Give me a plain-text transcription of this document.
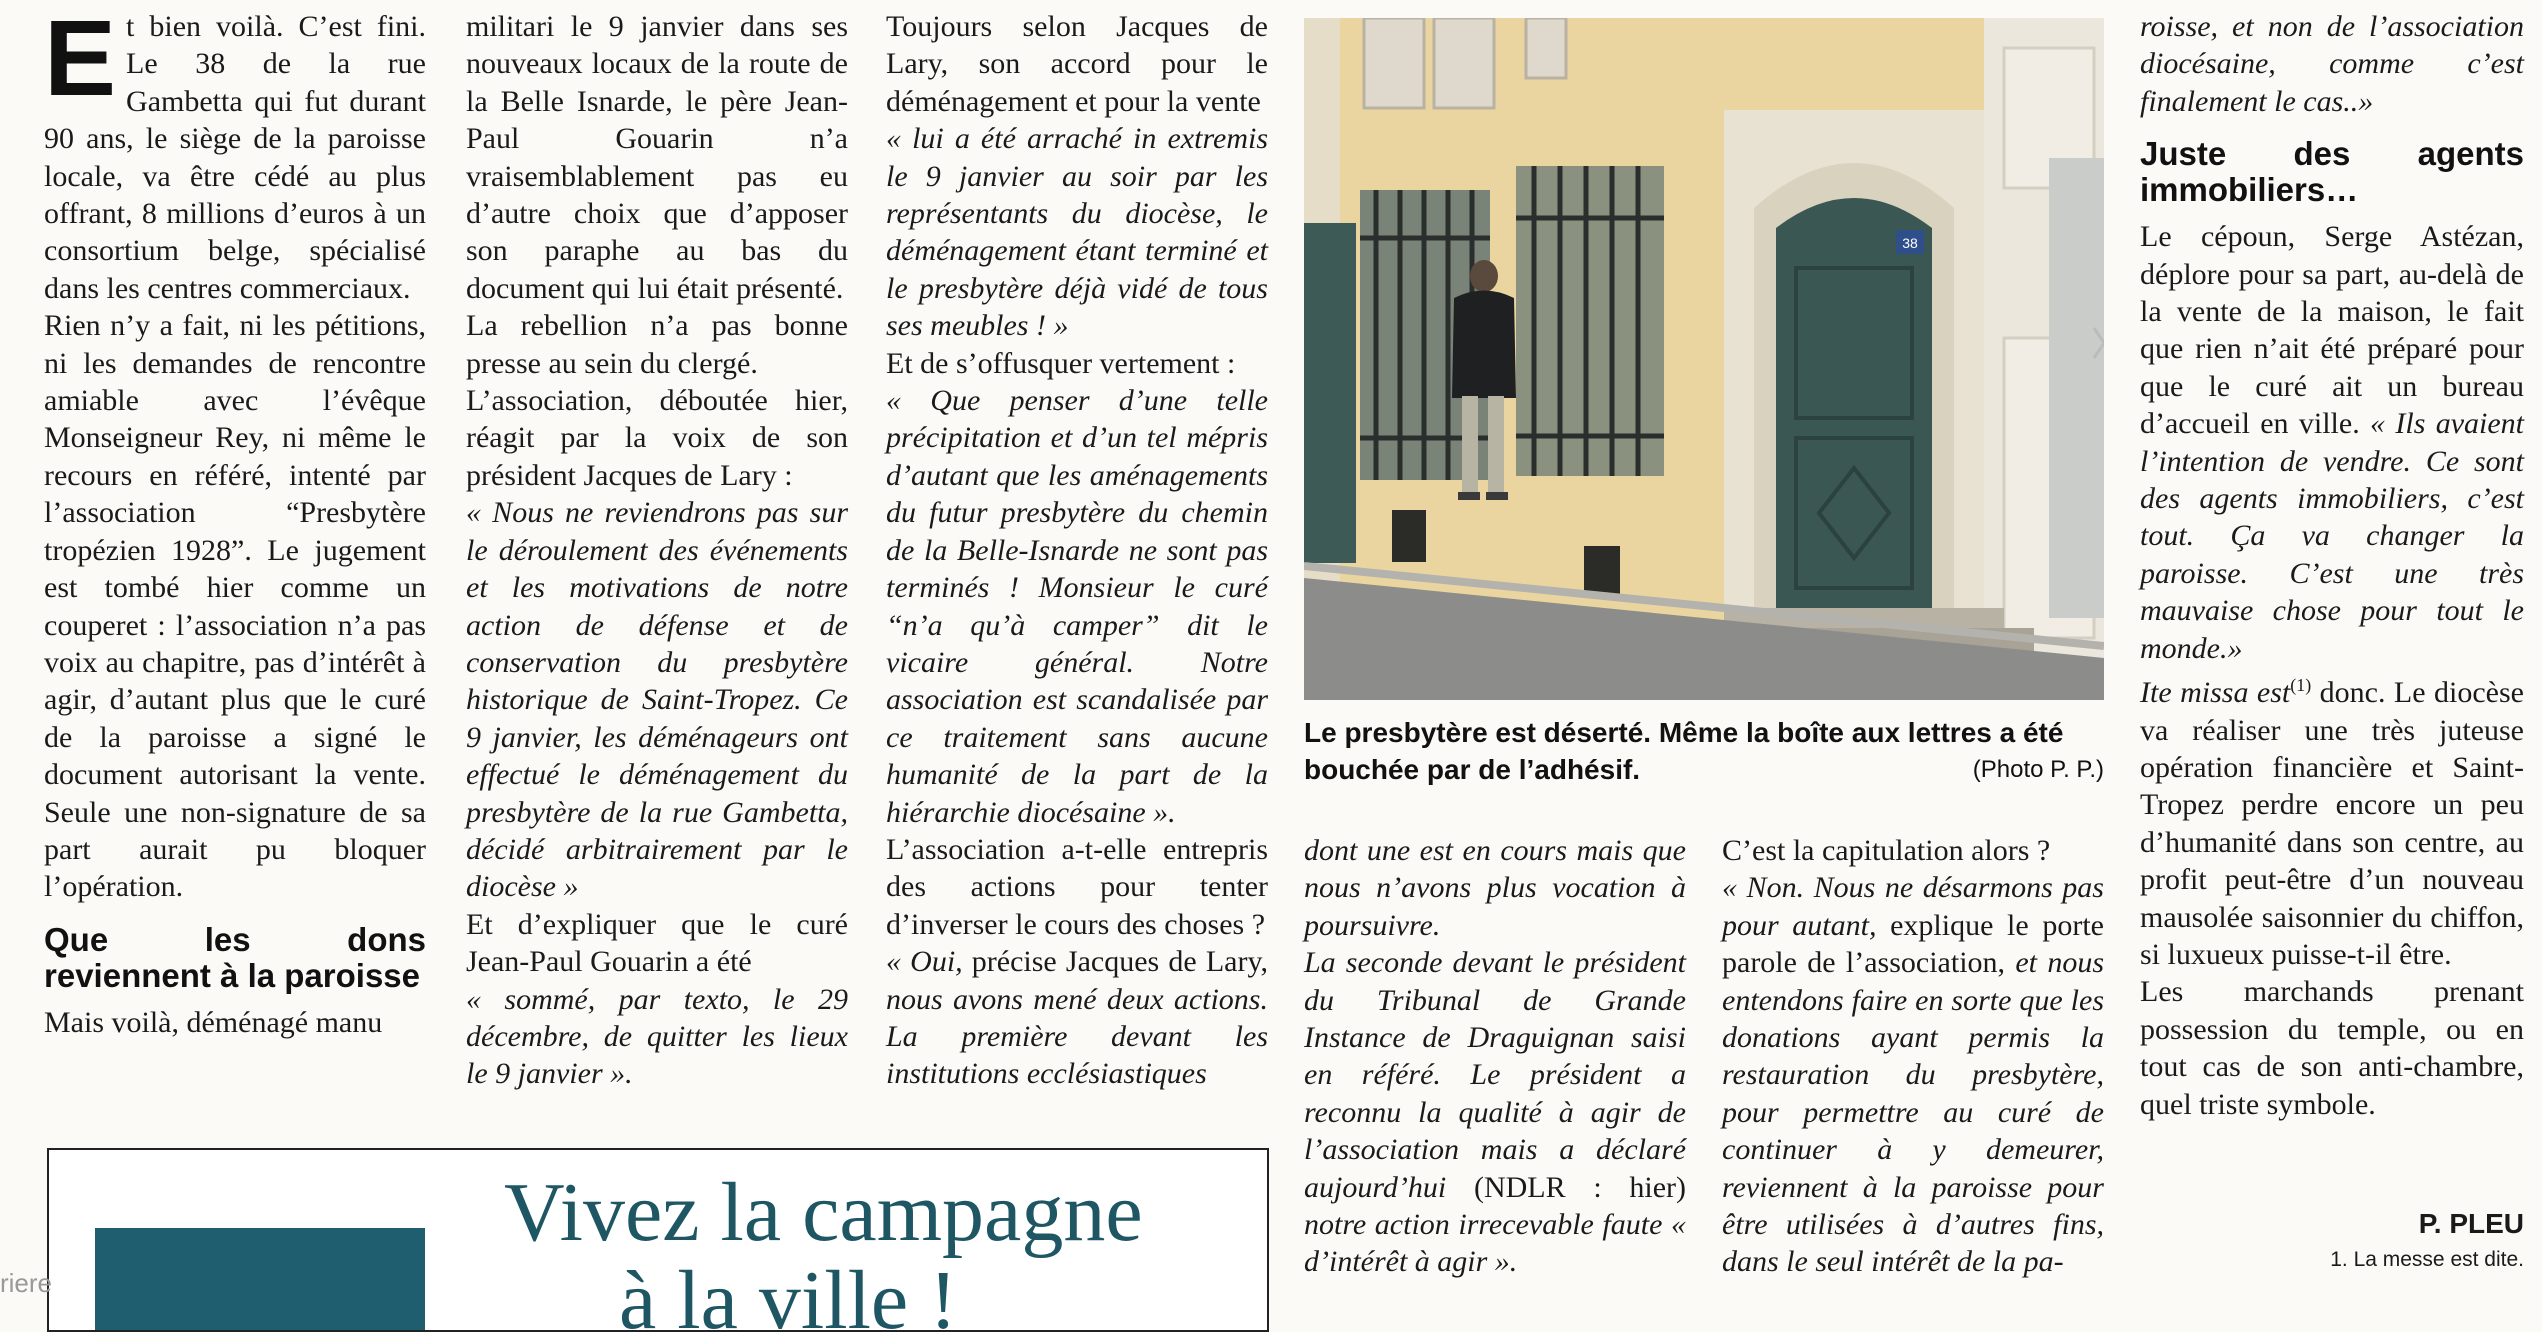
Et bien voilà. C’est fini. Le 38 de la rue Gambetta qui fut durant 90 ans, le siège de la paroisse locale, va être cédé au plus offrant, 8 millions d’euros à un consortium belge, spécialisé dans les centres commerciaux.

Rien n’y a fait, ni les pétitions, ni les demandes de rencontre amiable avec l’évêque Monseigneur Rey, ni même le recours en référé, intenté par l’association “Presbytère tropézien 1928”. Le jugement est tombé hier comme un couperet : l’association n’a pas voix au chapitre, pas d’intérêt à agir, d’autant plus que le curé de la paroisse a signé le document autorisant la vente. Seule une non-signature de sa part aurait pu bloquer l’opération.

Que les dons reviennent à la paroisse

Mais voilà, déménagé manu

militari le 9 janvier dans ses nouveaux locaux de la route de la Belle Isnarde, le père Jean-Paul Gouarin n’a vraisemblablement pas eu d’autre choix que d’apposer son paraphe au bas du document qui lui était présenté.

La rebellion n’a pas bonne presse au sein du clergé.

L’association, déboutée hier, réagit par la voix de son président Jacques de Lary :

« Nous ne reviendrons pas sur le déroulement des événements et les motivations de notre action de défense et de conservation du presbytère historique de Saint-Tropez. Ce 9 janvier, les déménageurs ont effectué le déménagement du presbytère de la rue Gambetta, décidé arbitrairement par le diocèse »

Et d’expliquer que le curé Jean-Paul Gouarin a été

« sommé, par texto, le 29 décembre, de quitter les lieux le 9 janvier ».

Toujours selon Jacques de Lary, son accord pour le déménagement et pour la vente

« lui a été arraché in extremis le 9 janvier au soir par les représentants du diocèse, le déménagement étant terminé et le presbytère déjà vidé de tous ses meubles ! »

Et de s’offusquer vertement :

« Que penser d’une telle précipitation et d’un tel mépris d’autant que les aménagements du futur presbytère du chemin de la Belle-Isnarde ne sont pas terminés ! Monsieur le curé “n’a qu’à camper” dit le vicaire général. Notre association est scandalisée par ce traitement sans aucune humanité de la part de la hiérarchie diocésaine ».

L’association a-t-elle entrepris des actions pour tenter d’inverser le cours des choses ?

« Oui, précise Jacques de Lary, nous avons mené deux actions. La première devant les institutions ecclésiastiques

38
Le presbytère est déserté. Même la boîte aux lettres a été bouchée par de l’adhésif.	(Photo P. P.)

dont une est en cours mais que nous n’avons plus vocation à poursuivre.

La seconde devant le président du Tribunal de Grande Instance de Draguignan saisi en référé. Le président a reconnu la qualité à agir de l’association mais a déclaré aujourd’hui (NDLR : hier) notre action irrecevable faute « d’intérêt à agir ».

C’est la capitulation alors ?

« Non. Nous ne désarmons pas pour autant, explique le porte parole de l’association, et nous entendons faire en sorte que les donations ayant permis la restauration du presbytère, pour permettre au curé de continuer à y demeurer, reviennent à la paroisse pour être utilisées à d’autres fins, dans le seul intérêt de la pa-

roisse, et non de l’association diocésaine, comme c’est finalement le cas..»

Juste des agents immobiliers…

Le cépoun, Serge Astézan, déplore pour sa part, au-delà de la vente de la maison, le fait que rien n’ait été préparé pour que le curé ait un bureau d’accueil en ville. « Ils avaient l’intention de vendre. Ce sont des agents immobiliers, c’est tout. Ça va changer la paroisse. C’est une très mauvaise chose pour tout le monde.»

Ite missa est$^{(1)}$ donc. Le diocèse va réaliser une très juteuse opération financière et Saint-Tropez perdre encore un peu d’humanité dans son centre, au profit peut-être d’un nouveau mausolée saisonnier du chiffon, si luxueux puisse-t-il être.

Les marchands prenant possession du temple, ou en tout cas de son anti-chambre, quel triste symbole.

P. PLEU
1. La messe est dite.
Vivez la campagne
à la ville !
riere
